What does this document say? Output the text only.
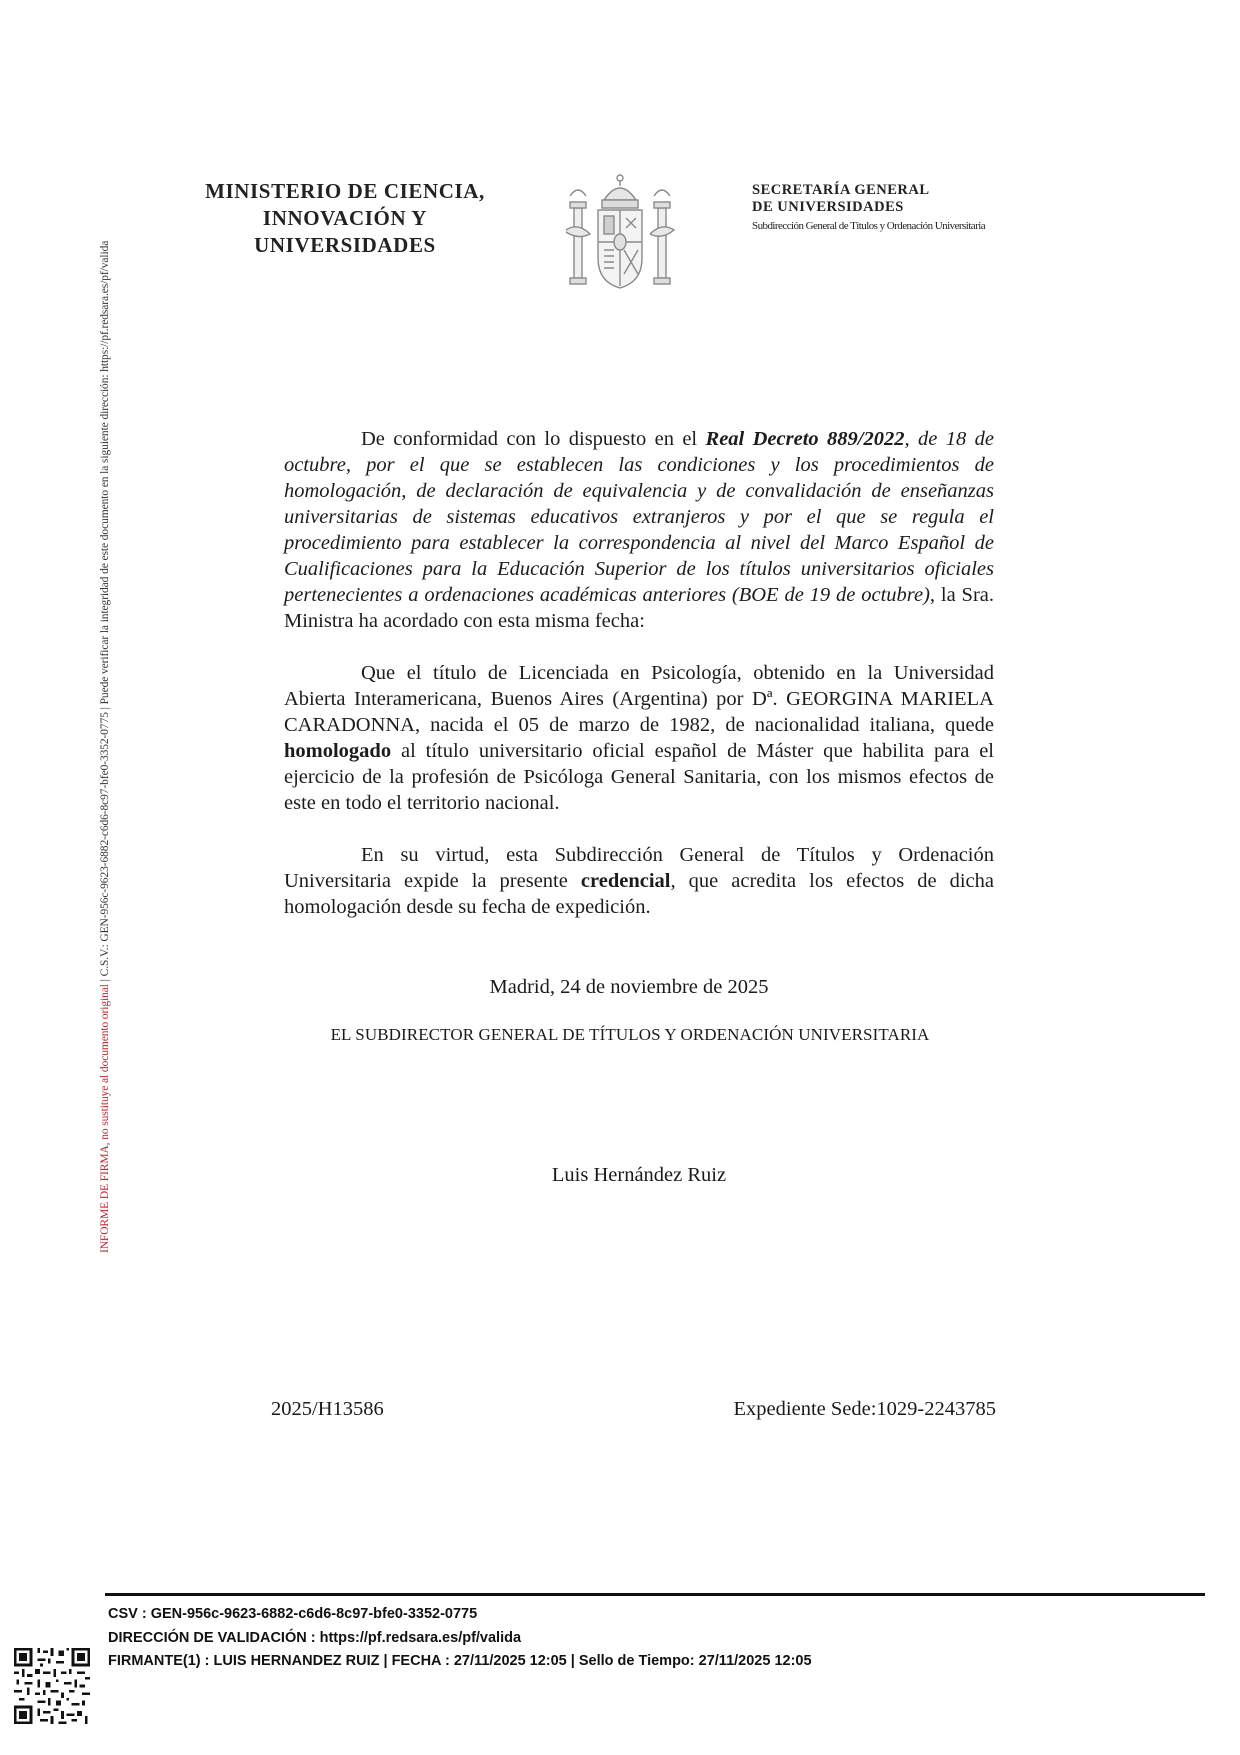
MINISTERIO DE CIENCIA,
INNOVACIÓN Y
UNIVERSIDADES
SECRETARÍA GENERAL
DE UNIVERSIDADES
Subdirección General de Títulos y Ordenación Universitaria
INFORME DE FIRMA, no sustituye al documento original | C.S.V.: GEN-956c-9623-6882-c6d6-8c97-bfe0-3352-0775 | Puede verificar la integridad de este documento en la siguiente dirección: https://pf.redsara.es/pf/valida	De conformidad con lo dispuesto en el Real Decreto 889/2022, de 18 de octubre, por el que se establecen las condiciones y los procedimientos de homologación, de declaración de equivalencia y de convalidación de enseñanzas universitarias de sistemas educativos extranjeros y por el que se regula el procedimiento para establecer la correspondencia al nivel del Marco Español de Cualificaciones para la Educación Superior de los títulos universitarios oficiales pertenecientes a ordenaciones académicas anteriores (BOE de 19 de octubre), la Sra. Ministra ha acordado con esta misma fecha:

Que el título de Licenciada en Psicología, obtenido en la Universidad Abierta Interamericana, Buenos Aires (Argentina) por Dª. GEORGINA MARIELA CARADONNA, nacida el 05 de marzo de 1982, de nacionalidad italiana, quede homologado al título universitario oficial español de Máster que habilita para el ejercicio de la profesión de Psicóloga General Sanitaria, con los mismos efectos de este en todo el territorio nacional.

En su virtud, esta Subdirección General de Títulos y Ordenación Universitaria expide la presente credencial, que acredita los efectos de dicha homologación desde su fecha de expedición.

Madrid, 24 de noviembre de 2025
EL SUBDIRECTOR GENERAL DE TÍTULOS Y ORDENACIÓN UNIVERSITARIA
Luis Hernández Ruiz
2025/H13586	Expediente Sede:1029-2243785
CSV : GEN-956c-9623-6882-c6d6-8c97-bfe0-3352-0775
DIRECCIÓN DE VALIDACIÓN : https://pf.redsara.es/pf/valida
FIRMANTE(1) : LUIS HERNANDEZ RUIZ | FECHA : 27/11/2025 12:05 | Sello de Tiempo: 27/11/2025 12:05
